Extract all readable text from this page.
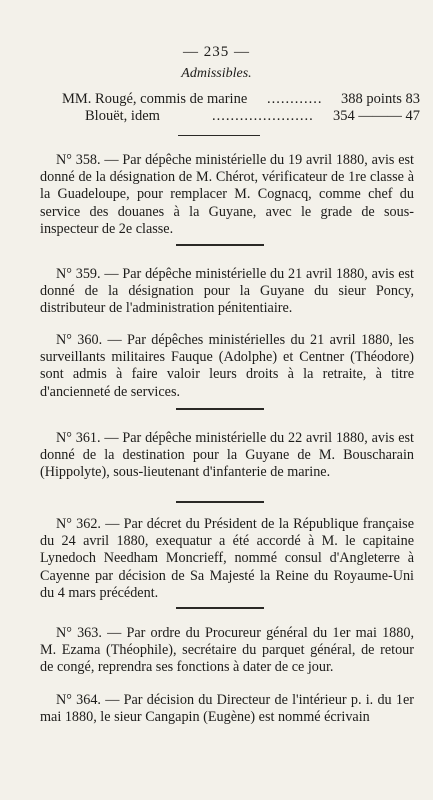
— 235 —
Admissibles.
MM. Rougé, commis de marine ............ 388 points 83
Blouët, idem	...................... 354 ——— 47
N° 358. — Par dépêche ministérielle du 19 avril 1880, avis est donné de la désignation de M. Chérot, vérificateur de 1re classe à la Guadeloupe, pour remplacer M. Cognacq, comme chef du service des douanes à la Guyane, avec le grade de sous-inspecteur de 2e classe.
N° 359. — Par dépêche ministérielle du 21 avril 1880, avis est donné de la désignation pour la Guyane du sieur Poncy, distributeur de l'administration pénitentiaire.
N° 360. — Par dépêches ministérielles du 21 avril 1880, les surveillants militaires Fauque (Adolphe) et Centner (Théodore) sont admis à faire valoir leurs droits à la retraite, à titre d'ancienneté de services.
N° 361. — Par dépêche ministérielle du 22 avril 1880, avis est donné de la destination pour la Guyane de M. Bouscharain (Hippolyte), sous-lieutenant d'infanterie de marine.
N° 362. — Par décret du Président de la République française du 24 avril 1880, exequatur a été accordé à M. le capitaine Lynedoch Needham Moncrieff, nommé consul d'Angleterre à Cayenne par décision de Sa Majesté la Reine du Royaume-Uni du 4 mars précédent.
N° 363. — Par ordre du Procureur général du 1er mai 1880, M. Ezama (Théophile), secrétaire du parquet général, de retour de congé, reprendra ses fonctions à dater de ce jour.
N° 364. — Par décision du Directeur de l'intérieur p. i. du 1er mai 1880, le sieur Cangapin (Eugène) est nommé écrivain
